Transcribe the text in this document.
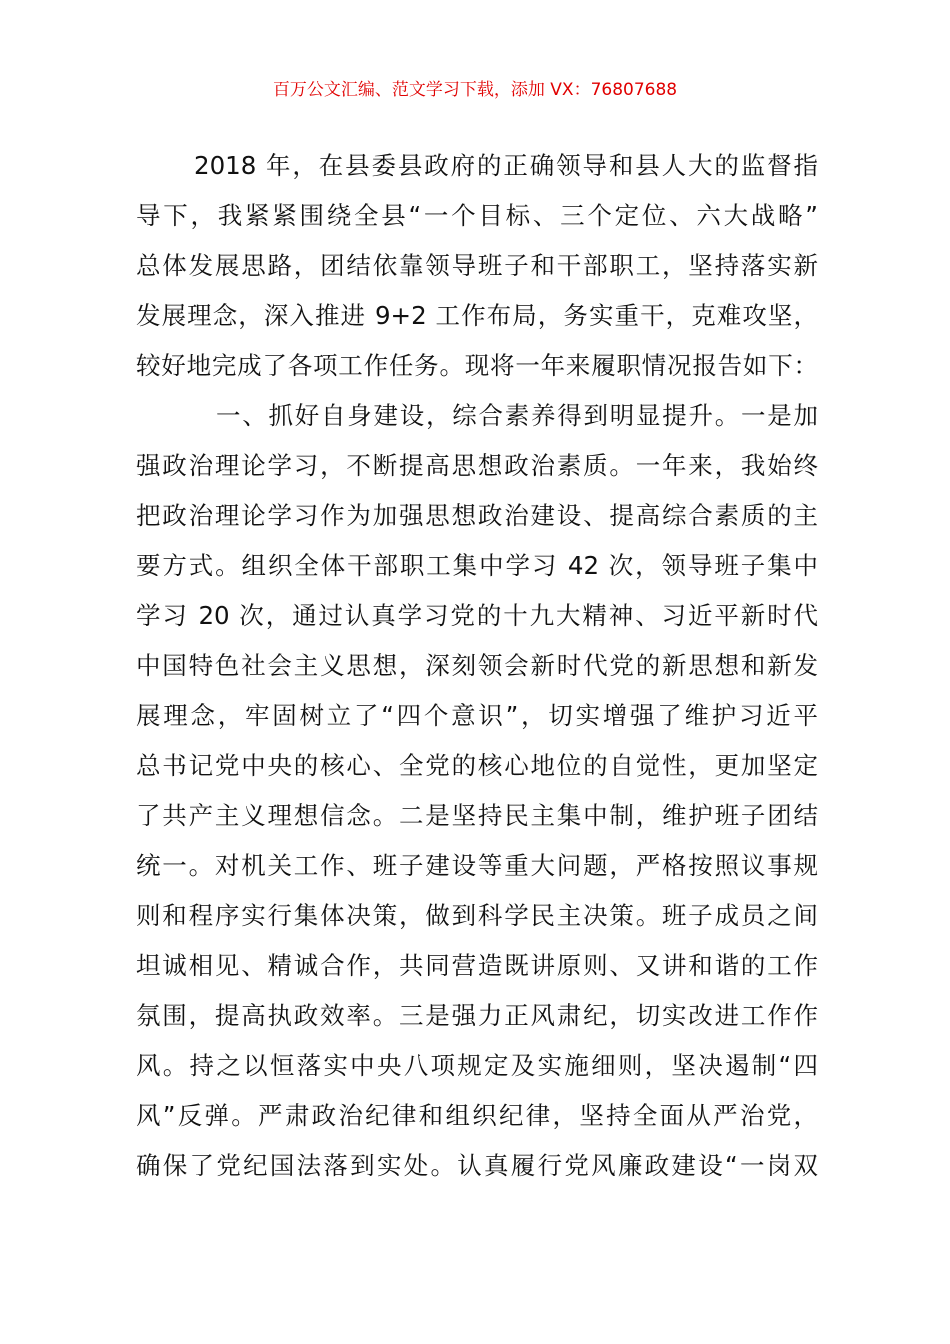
百万公文汇编、范文学习下载，添加 VX：76807688
2018 年，在县委县政府的正确领导和县人大的监督指
导下，我紧紧围绕全县“一个目标、三个定位、六大战略”
总体发展思路，团结依靠领导班子和干部职工，坚持落实新
发展理念，深入推进 9+2 工作布局，务实重干，克难攻坚，
较好地完成了各项工作任务。现将一年来履职情况报告如下：
一、抓好自身建设，综合素养得到明显提升。一是加
强政治理论学习，不断提高思想政治素质。一年来，我始终
把政治理论学习作为加强思想政治建设、提高综合素质的主
要方式。组织全体干部职工集中学习 42 次，领导班子集中
学习 20 次，通过认真学习党的十九大精神、习近平新时代
中国特色社会主义思想，深刻领会新时代党的新思想和新发
展理念，牢固树立了“四个意识”，切实增强了维护习近平
总书记党中央的核心、全党的核心地位的自觉性，更加坚定
了共产主义理想信念。二是坚持民主集中制，维护班子团结
统一。对机关工作、班子建设等重大问题，严格按照议事规
则和程序实行集体决策，做到科学民主决策。班子成员之间
坦诚相见、精诚合作，共同营造既讲原则、又讲和谐的工作
氛围，提高执政效率。三是强力正风肃纪，切实改进工作作
风。持之以恒落实中央八项规定及实施细则，坚决遏制“四
风”反弹。严肃政治纪律和组织纪律，坚持全面从严治党，
确保了党纪国法落到实处。认真履行党风廉政建设“一岗双
